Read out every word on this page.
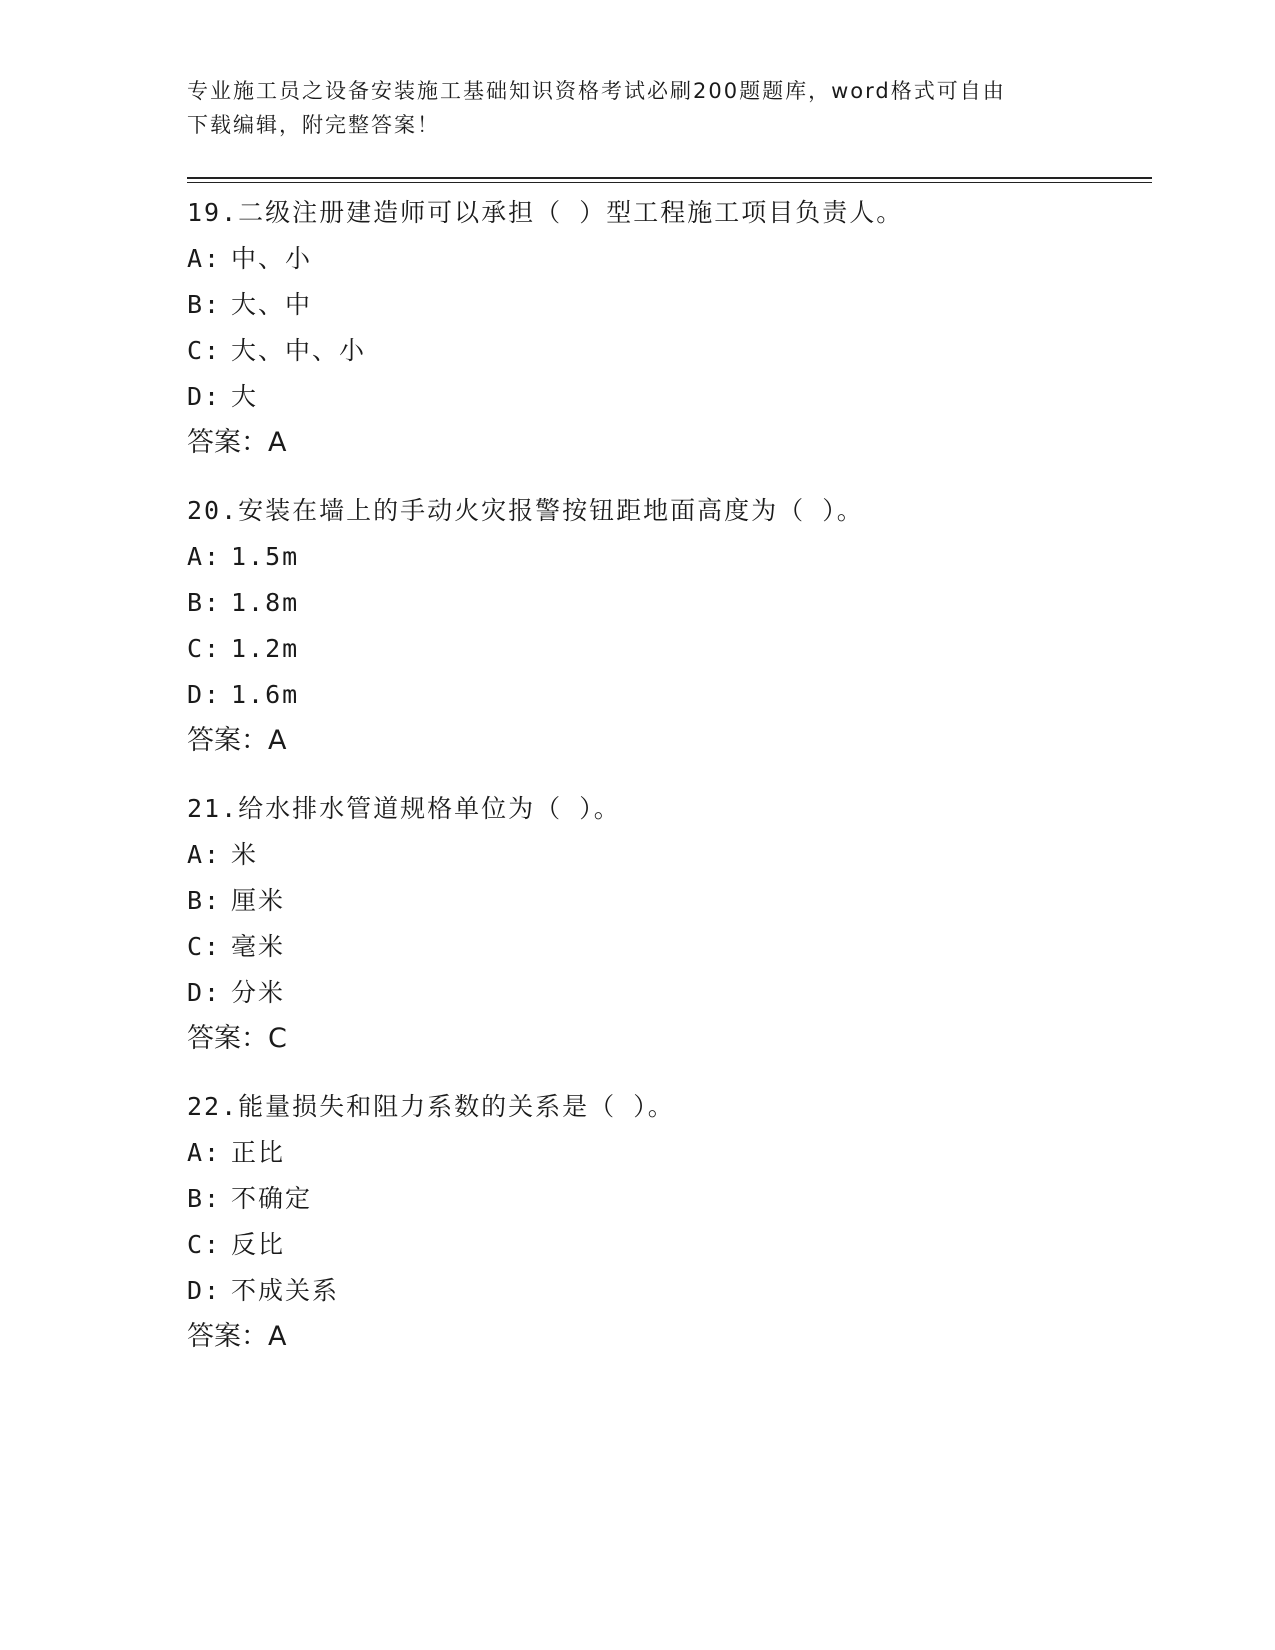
专业施工员之设备安装施工基础知识资格考试必刷200题题库，word格式可自由
下载编辑，附完整答案！
19.二级注册建造师可以承担（ ）型工程施工项目负责人。
A: 中、小
B: 大、中
C: 大、中、小
D: 大
答案：A
20.安装在墙上的手动火灾报警按钮距地面高度为（ ）。
A: 1.5m
B: 1.8m
C: 1.2m
D: 1.6m
答案：A
21.给水排水管道规格单位为（ ）。
A: 米
B: 厘米
C: 毫米
D: 分米
答案：C
22.能量损失和阻力系数的关系是（ ）。
A: 正比
B: 不确定
C: 反比
D: 不成关系
答案：A
